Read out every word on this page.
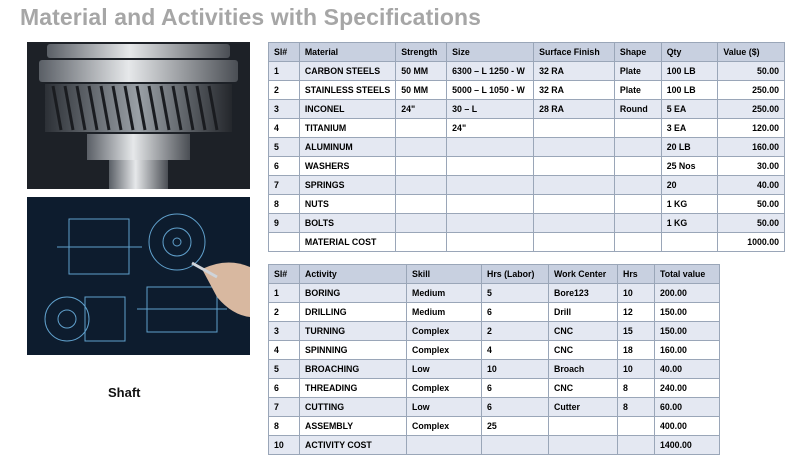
Material and Activities with Specifications
Shaft
Sl#	Material	Strength	Size	Surface Finish	Shape	Qty	Value ($)
1	CARBON STEELS	50 MM	6300 – L 1250 - W	32 RA	Plate	100 LB	50.00
2	STAINLESS STEELS	50 MM	5000 – L 1050 - W	32 RA	Plate	100 LB	250.00
3	INCONEL	24"	30 – L	28 RA	Round	5 EA	250.00
4	TITANIUM		24"			3 EA	120.00
5	ALUMINUM					20 LB	160.00
6	WASHERS					25 Nos	30.00
7	SPRINGS					20	40.00
8	NUTS					1 KG	50.00
9	BOLTS					1 KG	50.00
	MATERIAL COST						1000.00
Sl#	Activity	Skill	Hrs (Labor)	Work Center	Hrs	Total value
1	BORING	Medium	5	Bore123	10	200.00
2	DRILLING	Medium	6	Drill	12	150.00
3	TURNING	Complex	2	CNC	15	150.00
4	SPINNING	Complex	4	CNC	18	160.00
5	BROACHING	Low	10	Broach	10	40.00
6	THREADING	Complex	6	CNC	8	240.00
7	CUTTING	Low	6	Cutter	8	60.00
8	ASSEMBLY	Complex	25			400.00
10	ACTIVITY COST					1400.00
